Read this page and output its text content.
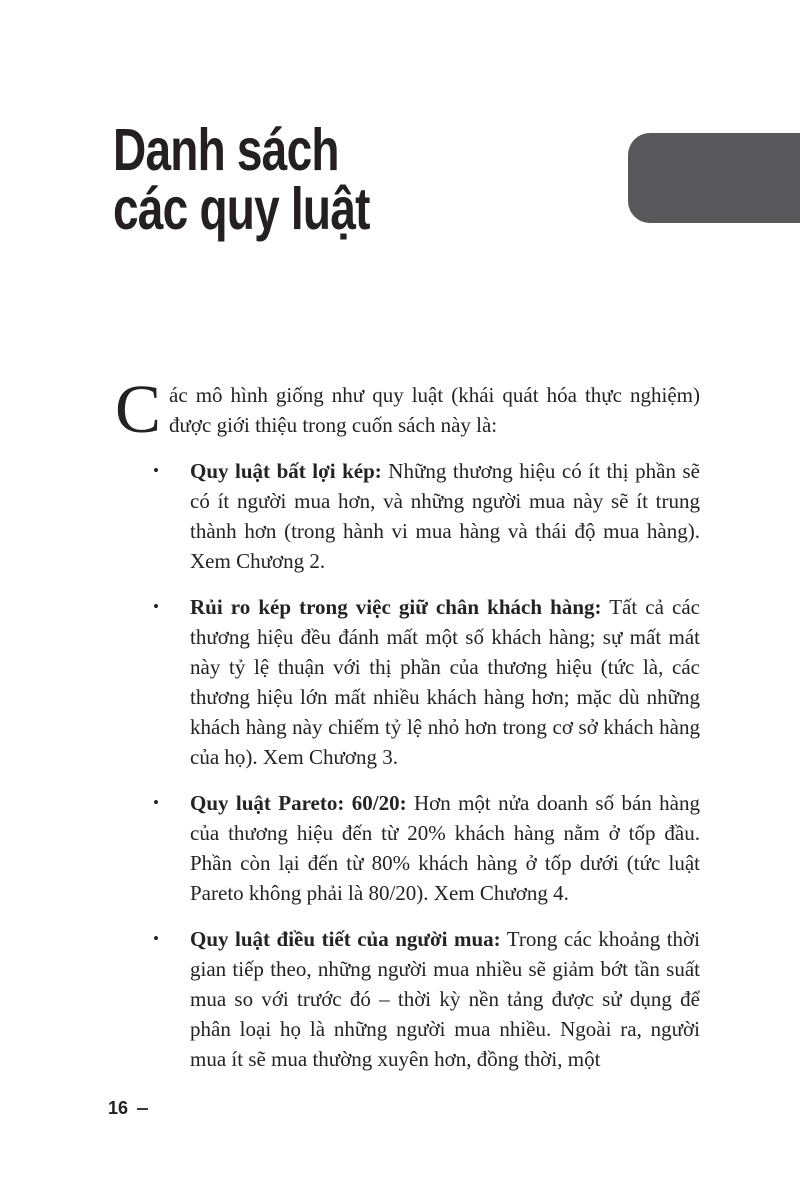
Danh sách
các quy luật

Các mô hình giống như quy luật (khái quát hóa thực nghiệm) được giới thiệu trong cuốn sách này là:

• Quy luật bất lợi kép: Những thương hiệu có ít thị phần sẽ có ít người mua hơn, và những người mua này sẽ ít trung thành hơn (trong hành vi mua hàng và thái độ mua hàng). Xem Chương 2.
• Rủi ro kép trong việc giữ chân khách hàng: Tất cả các thương hiệu đều đánh mất một số khách hàng; sự mất mát này tỷ lệ thuận với thị phần của thương hiệu (tức là, các thương hiệu lớn mất nhiều khách hàng hơn; mặc dù những khách hàng này chiếm tỷ lệ nhỏ hơn trong cơ sở khách hàng của họ). Xem Chương 3.
• Quy luật Pareto: 60/20: Hơn một nửa doanh số bán hàng của thương hiệu đến từ 20% khách hàng nằm ở tốp đầu. Phần còn lại đến từ 80% khách hàng ở tốp dưới (tức luật Pareto không phải là 80/20). Xem Chương 4.
• Quy luật điều tiết của người mua: Trong các khoảng thời gian tiếp theo, những người mua nhiều sẽ giảm bớt tần suất mua so với trước đó – thời kỳ nền tảng được sử dụng để phân loại họ là những người mua nhiều. Ngoài ra, người mua ít sẽ mua thường xuyên hơn, đồng thời, một
16
